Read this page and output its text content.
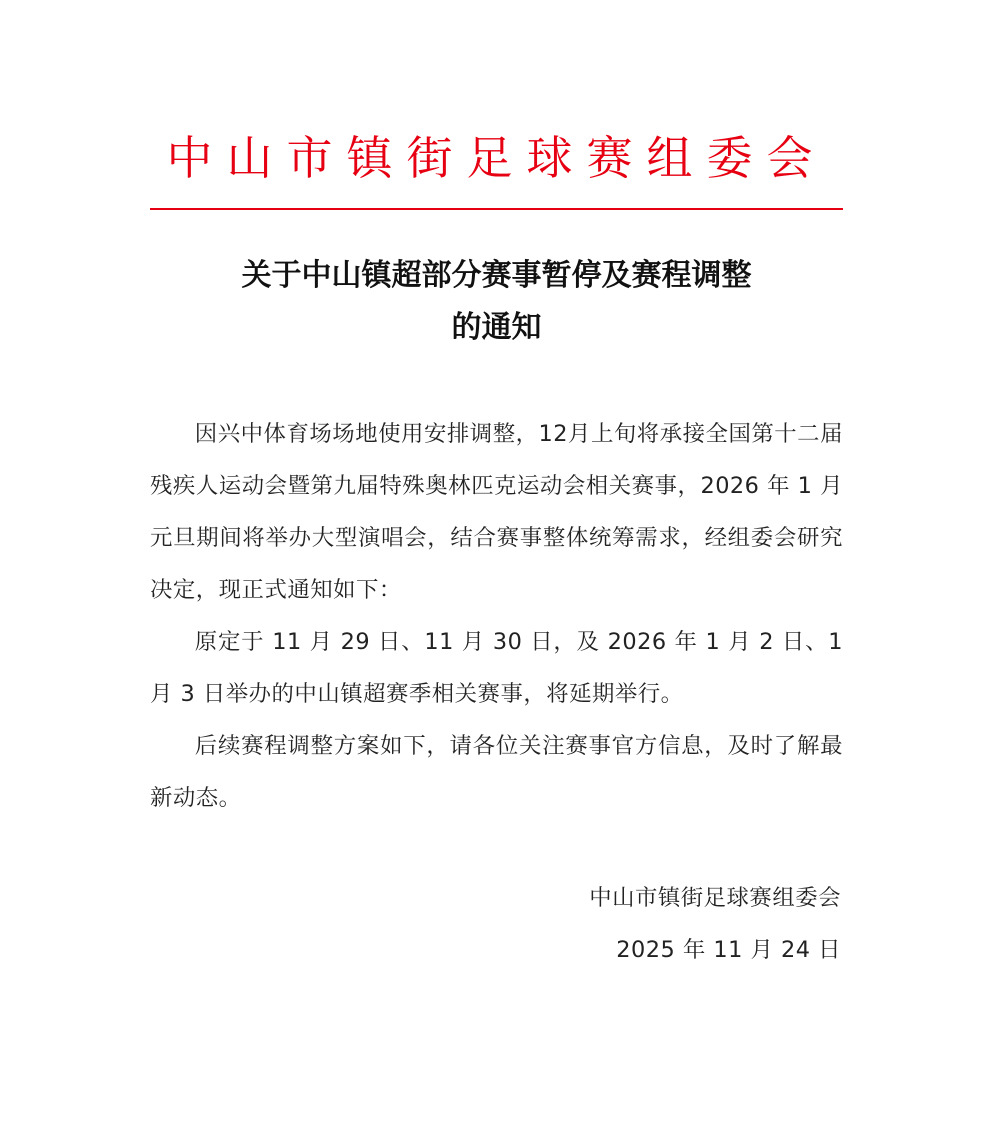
中山市镇街足球赛组委会
关于中山镇超部分赛事暂停及赛程调整
的通知

因兴中体育场场地使用安排调整，12月上旬将承接全国第十二届残疾人运动会暨第九届特殊奥林匹克运动会相关赛事，2026 年 1 月元旦期间将举办大型演唱会，结合赛事整体统筹需求，经组委会研究决定，现正式通知如下：

原定于 11 月 29 日、11 月 30 日，及 2026 年 1 月 2 日、1 月 3 日举办的中山镇超赛季相关赛事，将延期举行。

后续赛程调整方案如下，请各位关注赛事官方信息，及时了解最新动态。

中山市镇街足球赛组委会
2025 年 11 月 24 日
